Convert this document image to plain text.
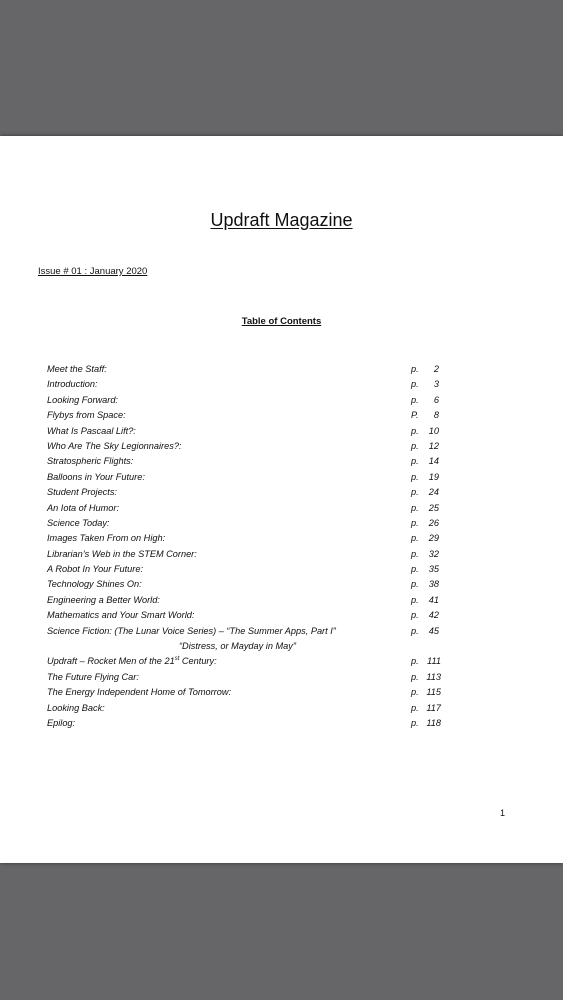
Updraft Magazine
Issue # 01 : January 2020
Table of Contents
Meet the Staff:	p. 2
Introduction:	p. 3
Looking Forward:	p. 6
Flybys from Space:	P. 8
What Is Pascaal Lift?:	p. 10
Who Are The Sky Legionnaires?:	p. 12
Stratospheric Flights:	p. 14
Balloons in Your Future:	p. 19
Student Projects:	p. 24
An Iota of Humor:	p. 25
Science Today:	p. 26
Images Taken From on High:	p. 29
Librarian’s Web in the STEM Corner:	p. 32
A Robot In Your Future:	p. 35
Technology Shines On:	p. 38
Engineering a Better World:	p. 41
Mathematics and Your Smart World:	p. 42
Science Fiction: (The Lunar Voice Series) – “The Summer Apps, Part I”	p. 45
“Distress, or Mayday in May”
Updraft – Rocket Men of the 21st Century:	p. 111
The Future Flying Car:	p. 113
The Energy Independent Home of Tomorrow:	p. 115
Looking Back:	p. 117
Epilog:	p. 118
1
